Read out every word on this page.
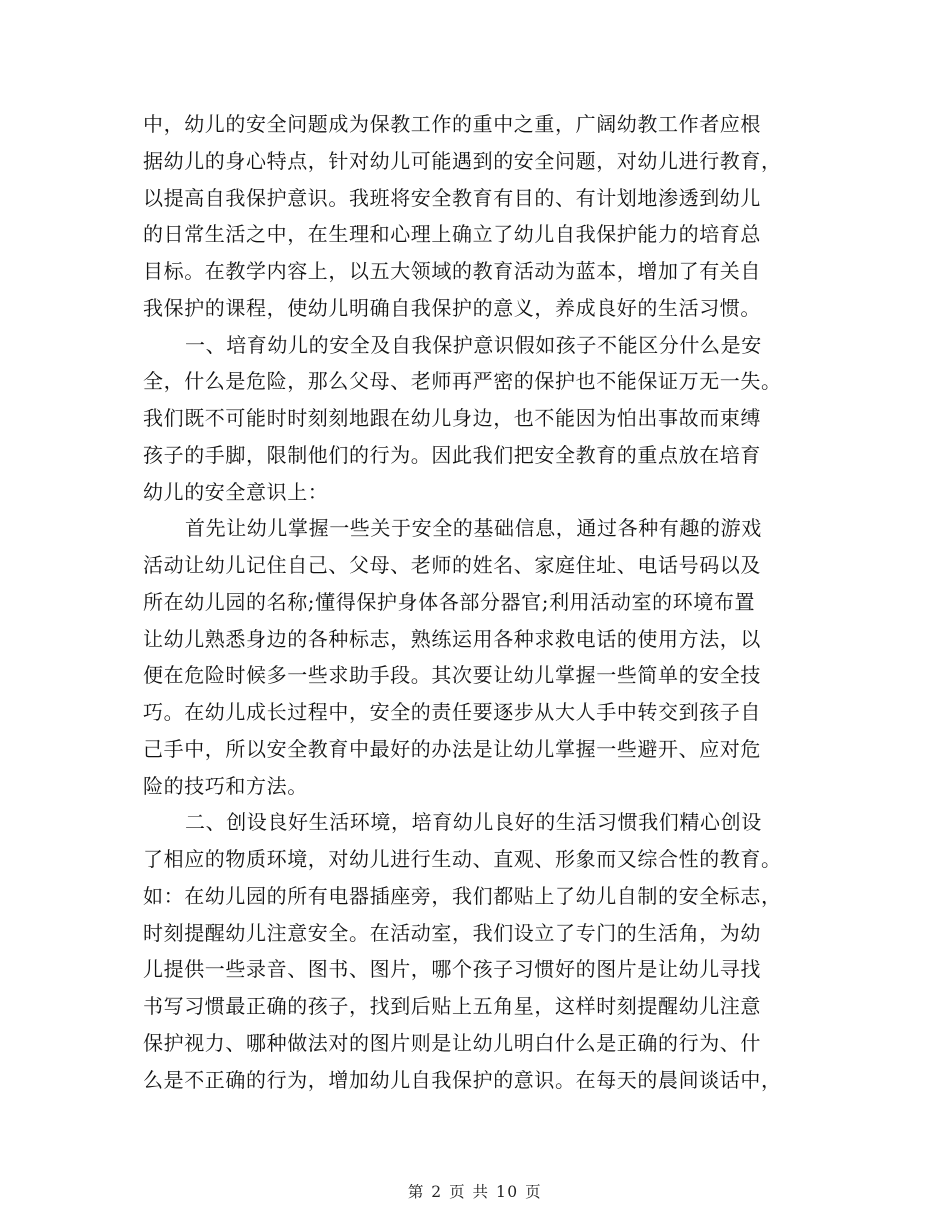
中，幼儿的安全问题成为保教工作的重中之重，广阔幼教工作者应根
据幼儿的身心特点，针对幼儿可能遇到的安全问题，对幼儿进行教育，
以提高自我保护意识。我班将安全教育有目的、有计划地渗透到幼儿
的日常生活之中，在生理和心理上确立了幼儿自我保护能力的培育总
目标。在教学内容上，以五大领域的教育活动为蓝本，增加了有关自
我保护的课程，使幼儿明确自我保护的意义，养成良好的生活习惯。
一、培育幼儿的安全及自我保护意识假如孩子不能区分什么是安
全，什么是危险，那么父母、老师再严密的保护也不能保证万无一失。
我们既不可能时时刻刻地跟在幼儿身边，也不能因为怕出事故而束缚
孩子的手脚，限制他们的行为。因此我们把安全教育的重点放在培育
幼儿的安全意识上：
首先让幼儿掌握一些关于安全的基础信息，通过各种有趣的游戏
活动让幼儿记住自己、父母、老师的姓名、家庭住址、电话号码以及
所在幼儿园的名称;懂得保护身体各部分器官;利用活动室的环境布置
让幼儿熟悉身边的各种标志，熟练运用各种求救电话的使用方法，以
便在危险时候多一些求助手段。其次要让幼儿掌握一些简单的安全技
巧。在幼儿成长过程中，安全的责任要逐步从大人手中转交到孩子自
己手中，所以安全教育中最好的办法是让幼儿掌握一些避开、应对危
险的技巧和方法。
二、创设良好生活环境，培育幼儿良好的生活习惯我们精心创设
了相应的物质环境，对幼儿进行生动、直观、形象而又综合性的教育。
如：在幼儿园的所有电器插座旁，我们都贴上了幼儿自制的安全标志，
时刻提醒幼儿注意安全。在活动室，我们设立了专门的生活角，为幼
儿提供一些录音、图书、图片，哪个孩子习惯好的图片是让幼儿寻找
书写习惯最正确的孩子，找到后贴上五角星，这样时刻提醒幼儿注意
保护视力、哪种做法对的图片则是让幼儿明白什么是正确的行为、什
么是不正确的行为，增加幼儿自我保护的意识。在每天的晨间谈话中，
第 2 页 共 10 页
